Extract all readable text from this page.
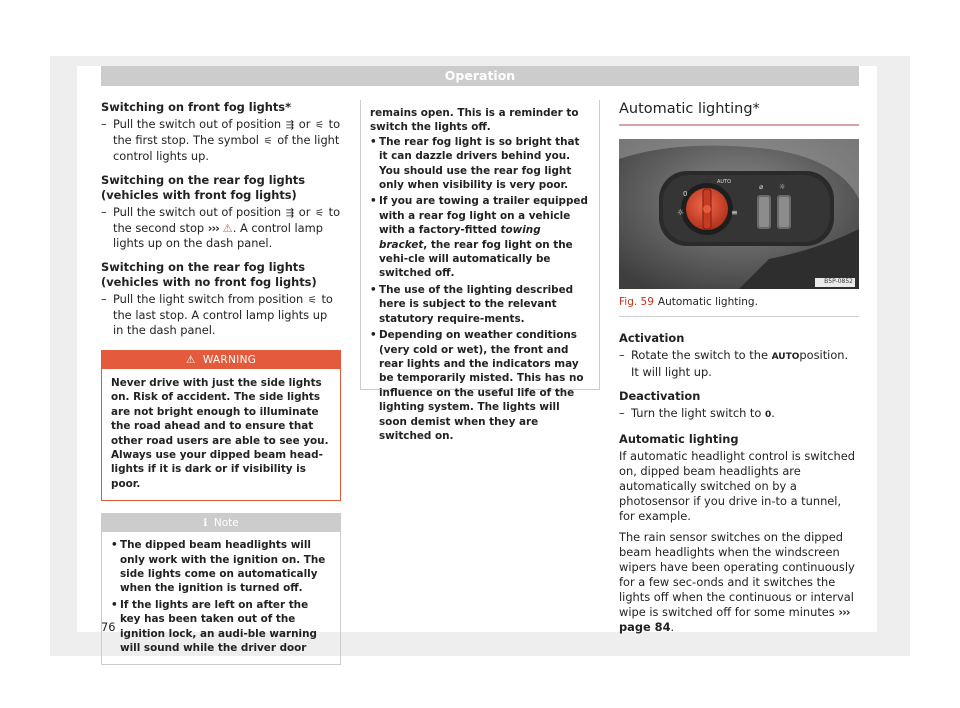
Operation
Switching on front fog lights*
– Pull the switch out of position ⇶ or ⚟ to the first stop. The symbol ⚟ of the light control lights up.
Switching on the rear fog lights (vehicles with front fog lights)
– Pull the switch out of position ⇶ or ⚟ to the second stop ››› ⚠. A control lamp lights up on the dash panel.
Switching on the rear fog lights (vehicles with no front fog lights)
– Pull the light switch from position ⚟ to the last stop. A control lamp lights up in the dash panel.
⚠ WARNING
Never drive with just the side lights on. Risk of accident. The side lights are not bright enough to illuminate the road ahead and to ensure that other road users are able to see you. Always use your dipped beam head-lights if it is dark or if visibility is poor.
ℹ Note
• The dipped beam headlights will only work with the ignition on. The side lights come on automatically when the ignition is turned off.
• If the lights are left on after the key has been taken out of the ignition lock, an audi-ble warning will sound while the driver door
remains open. This is a reminder to switch the lights off.
• The rear fog light is so bright that it can dazzle drivers behind you. You should use the rear fog light only when visibility is very poor.
• If you are towing a trailer equipped with a rear fog light on a vehicle with a factory-fitted towing bracket, the rear fog light on the vehi-cle will automatically be switched off.
• The use of the lighting described here is subject to the relevant statutory require-ments.
• Depending on weather conditions (very cold or wet), the front and rear lights and the indicators may be temporarily misted. This has no influence on the useful life of the lighting system. The lights will soon demist when they are switched on.
Automatic lighting*
AUTO
0
☼	≡
⌀ ☼
B5P-0852
Fig. 59 Automatic lighting.
Activation
– Rotate the switch to the AUTOposition. It will light up.
Deactivation
– Turn the light switch to 0.
Automatic lighting

If automatic headlight control is switched on, dipped beam headlights are automatically switched on by a photosensor if you drive in-to a tunnel, for example.

The rain sensor switches on the dipped beam headlights when the windscreen wipers have been operating continuously for a few sec-onds and it switches the lights off when the continuous or interval wipe is switched off for some minutes ››› page 84.

76
